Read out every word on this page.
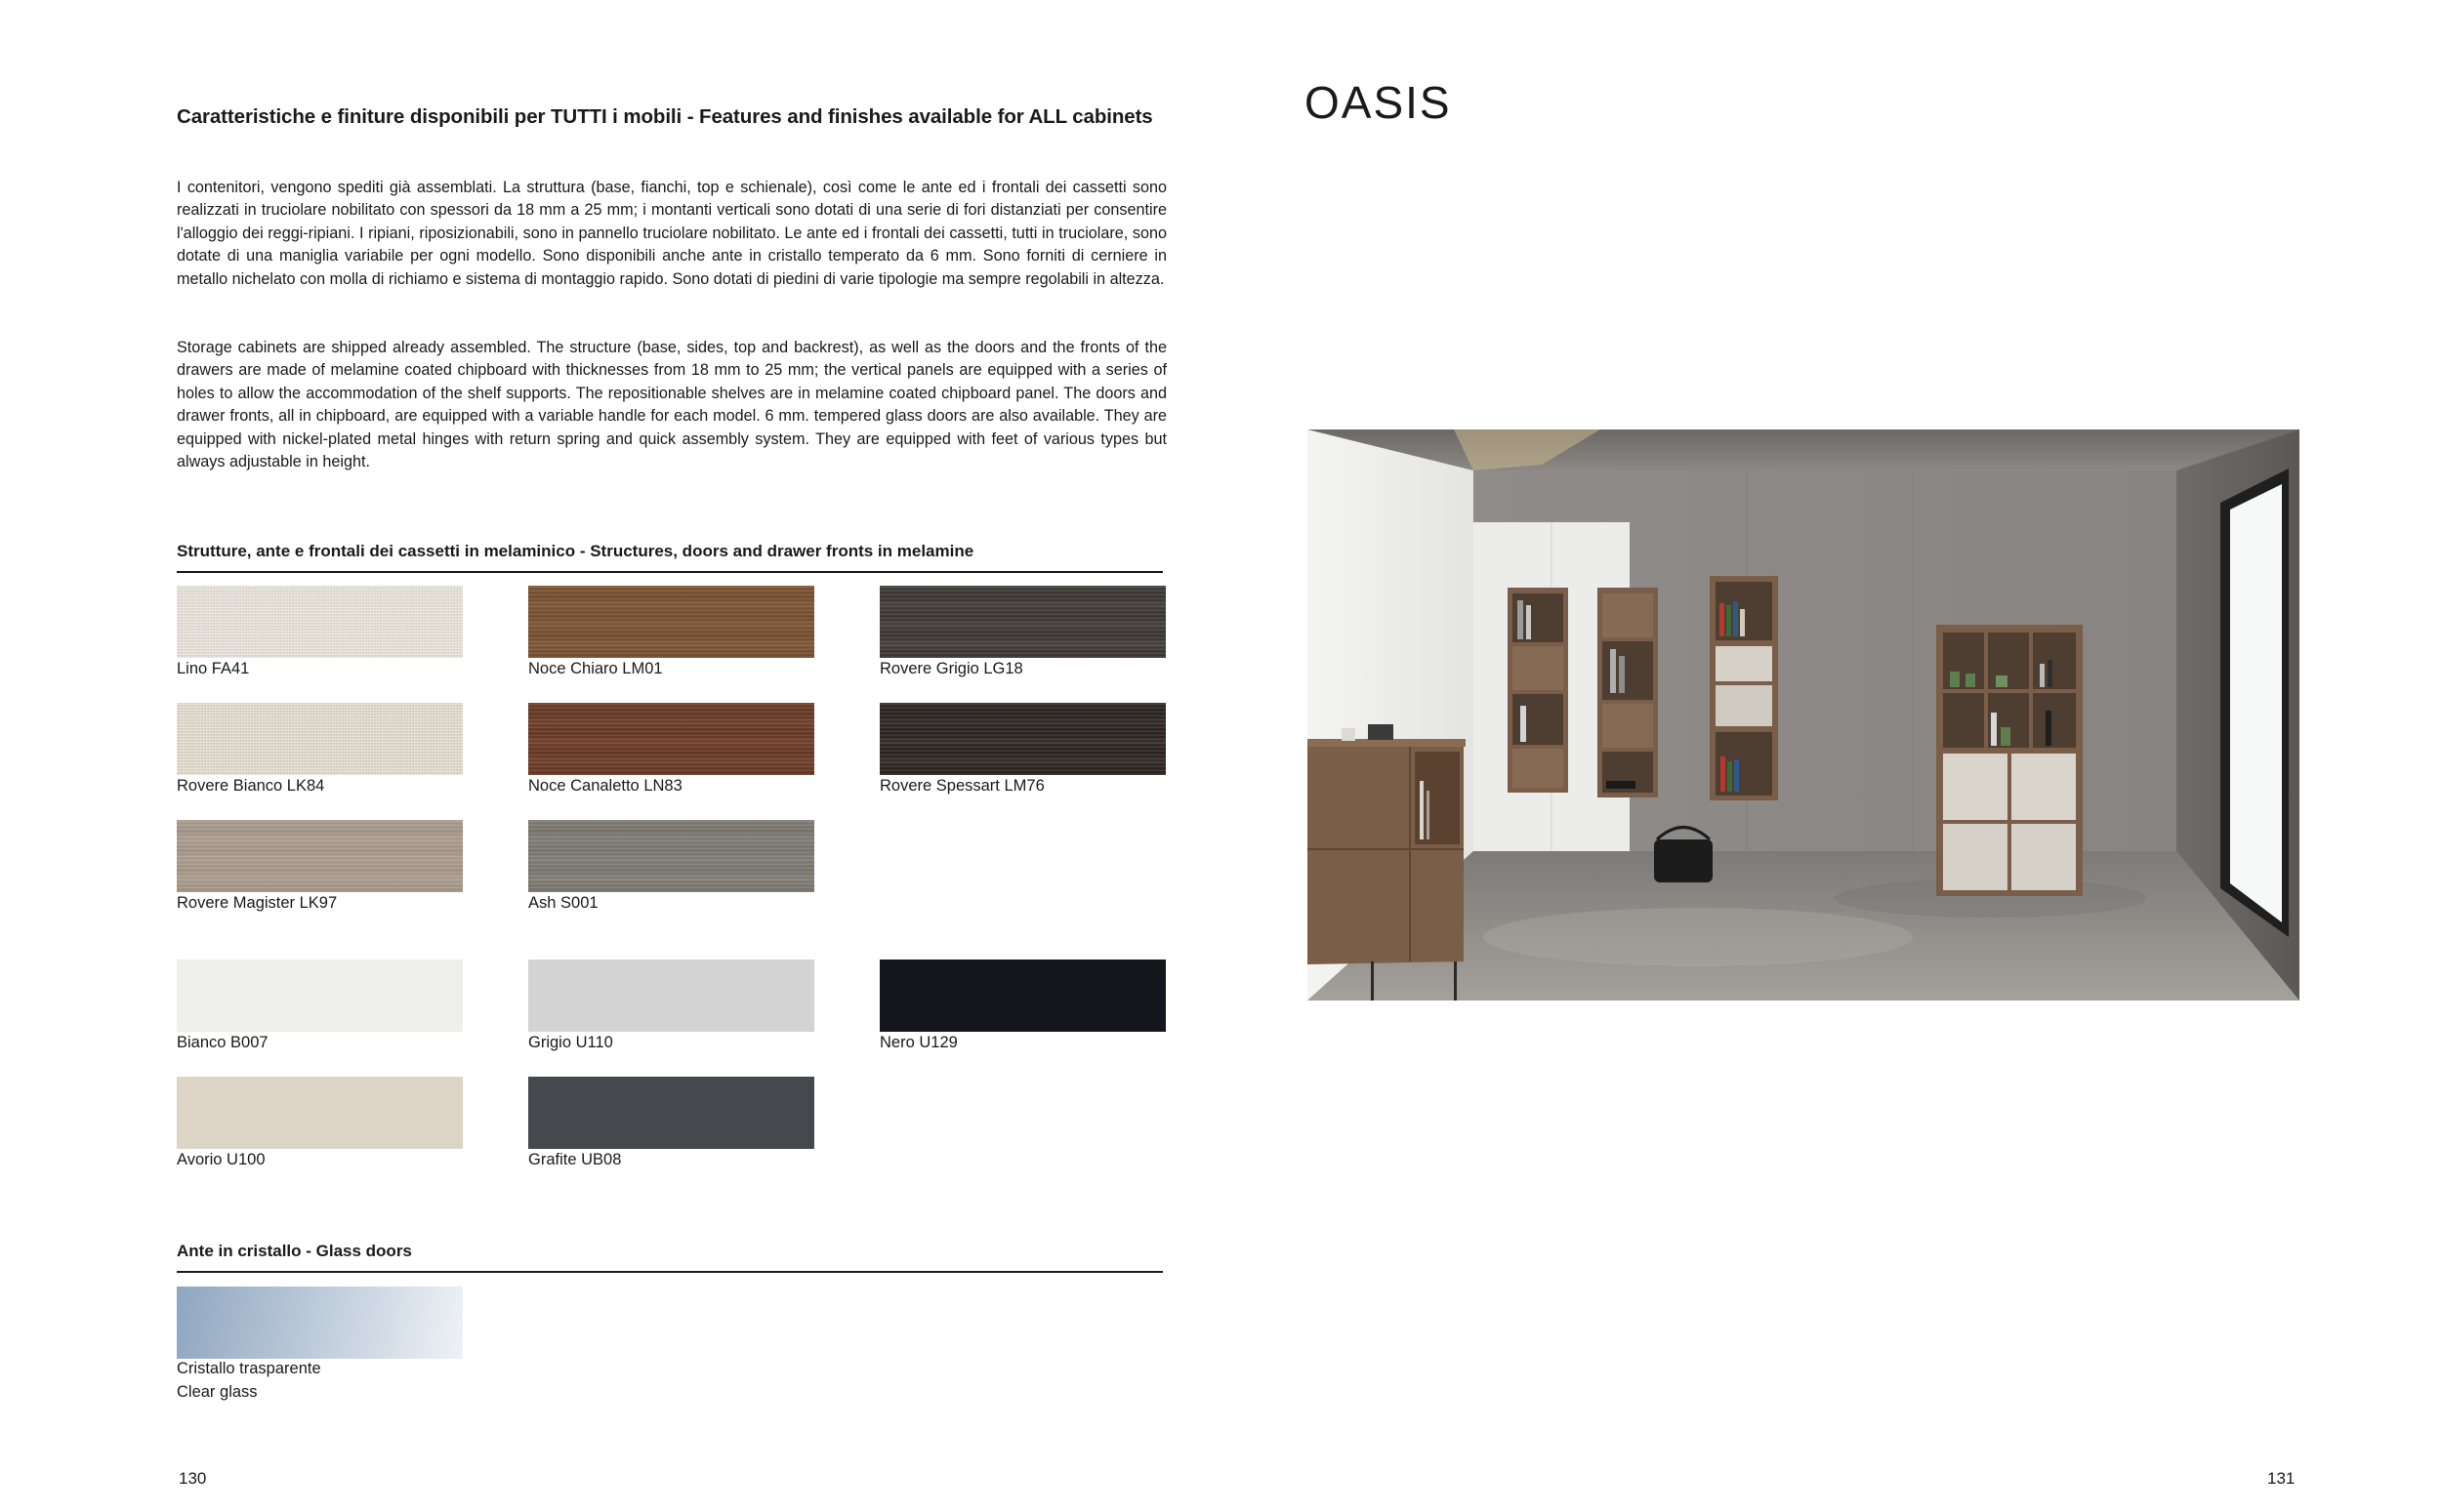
Caratteristiche e finiture disponibili per TUTTI i mobili - Features and finishes available for ALL cabinets
I contenitori, vengono spediti già assemblati. La struttura (base, fianchi, top e schienale), così come le ante ed i frontali dei cassetti sono realizzati in truciolare nobilitato con spessori da 18 mm a 25 mm; i montanti verticali sono dotati di una serie di fori distanziati per consentire l'alloggio dei reggi-ripiani. I ripiani, riposizionabili, sono in pannello truciolare nobilitato. Le ante ed i frontali dei cassetti, tutti in truciolare, sono dotate di una maniglia variabile per ogni modello. Sono disponibili anche ante in cristallo temperato da 6 mm. Sono forniti di cerniere in metallo nichelato con molla di richiamo e sistema di montaggio rapido. Sono dotati di piedini di varie tipologie ma sempre regolabili in altezza.
Storage cabinets are shipped already assembled. The structure (base, sides, top and backrest), as well as the doors and the fronts of the drawers are made of melamine coated chipboard with thicknesses from 18 mm to 25 mm; the vertical panels are equipped with a series of holes to allow the accommodation of the shelf supports. The repositionable shelves are in melamine coated chipboard panel. The doors and drawer fronts, all in chipboard, are equipped with a variable handle for each model. 6 mm. tempered glass doors are also available. They are equipped with nickel-plated metal hinges with return spring and quick assembly system. They are equipped with feet of various types but always adjustable in height.
Strutture, ante e frontali dei cassetti in melaminico - Structures, doors and drawer fronts in melamine
Lino FA41	Noce Chiaro LM01	Rovere Grigio LG18
Rovere Bianco LK84	Noce Canaletto LN83	Rovere Spessart LM76
Rovere Magister LK97	Ash S001
Bianco B007	Grigio U110	Nero U129
Avorio U100	Grafite UB08
Ante in cristallo - Glass doors
Cristallo trasparente
Clear glass
130
OASIS
131
